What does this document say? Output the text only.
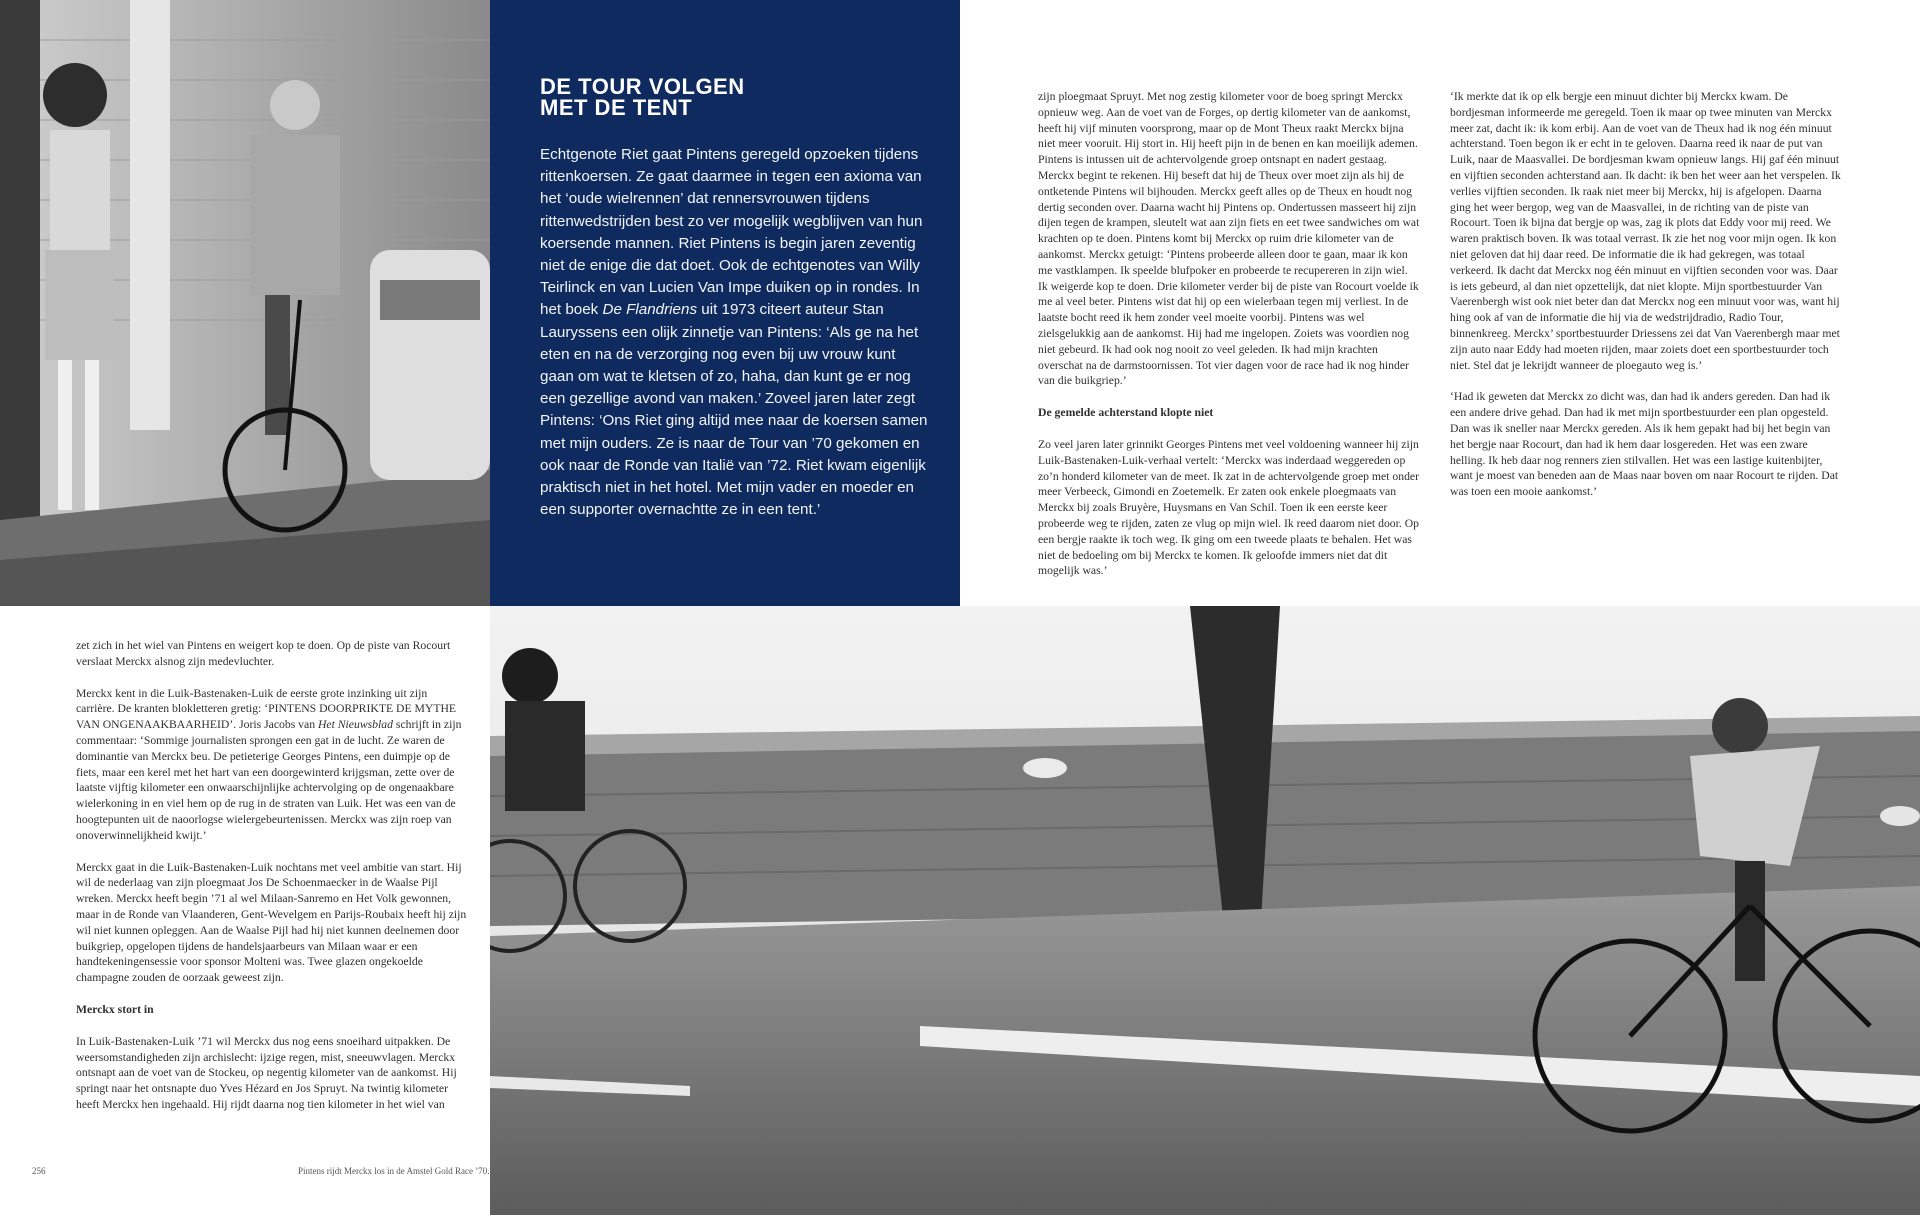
DE TOUR VOLGEN
MET DE TENT

Echtgenote Riet gaat Pintens geregeld opzoeken tijdens rittenkoersen. Ze gaat daarmee in tegen een axioma van het ‘oude wielrennen’ dat rennersvrouwen tijdens rittenwedstrijden best zo ver mogelijk wegblijven van hun koersende mannen. Riet Pintens is begin jaren zeventig niet de enige die dat doet. Ook de echtgenotes van Willy Teirlinck en van Lucien Van Impe duiken op in rondes. In het boek De Flandriens uit 1973 citeert auteur Stan Lauryssens een olijk zinnetje van Pintens: ‘Als ge na het eten en na de verzorging nog even bij uw vrouw kunt gaan om wat te kletsen of zo, haha, dan kunt ge er nog een gezellige avond van maken.’ Zoveel jaren later zegt Pintens: ‘Ons Riet ging altijd mee naar de koersen samen met mijn ouders. Ze is naar de Tour van ’70 gekomen en ook naar de Ronde van Italië van ’72. Riet kwam eigenlijk praktisch niet in het hotel. Met mijn vader en moeder en een supporter overnachtte ze in een tent.’

zijn ploegmaat Spruyt. Met nog zestig kilometer voor de boeg springt Merckx opnieuw weg. Aan de voet van de Forges, op dertig kilometer van de aankomst, heeft hij vijf minuten voorsprong, maar op de Mont Theux raakt Merckx bijna niet meer vooruit. Hij stort in. Hij heeft pijn in de benen en kan moeilijk ademen. Pintens is intussen uit de achtervolgende groep ontsnapt en nadert gestaag. Merckx begint te rekenen. Hij beseft dat hij de Theux over moet zijn als hij de ontketende Pintens wil bijhouden. Merckx geeft alles op de Theux en houdt nog dertig seconden over. Daarna wacht hij Pintens op. Ondertussen masseert hij zijn dijen tegen de krampen, sleutelt wat aan zijn fiets en eet twee sandwiches om wat krachten op te doen. Pintens komt bij Merckx op ruim drie kilometer van de aankomst. Merckx getuigt: ‘Pintens probeerde alleen door te gaan, maar ik kon me vastklampen. Ik speelde blufpoker en probeerde te recupereren in zijn wiel. Ik weigerde kop te doen. Drie kilometer verder bij de piste van Rocourt voelde ik me al veel beter. Pintens wist dat hij op een wielerbaan tegen mij verliest. In de laatste bocht reed ik hem zonder veel moeite voorbij. Pintens was wel zielsgelukkig aan de aankomst. Hij had me ingelopen. Zoiets was voordien nog niet gebeurd. Ik had ook nog nooit zo veel geleden. Ik had mijn krachten overschat na de darmstoornissen. Tot vier dagen voor de race had ik nog hinder van die buikgriep.’

De gemelde achterstand klopte niet

Zo veel jaren later grinnikt Georges Pintens met veel voldoening wanneer hij zijn Luik-Bastenaken-Luik-verhaal vertelt: ‘Merckx was inderdaad weggereden op zo’n honderd kilometer van de meet. Ik zat in de achtervolgende groep met onder meer Verbeeck, Gimondi en Zoetemelk. Er zaten ook enkele ploegmaats van Merckx bij zoals Bruyère, Huysmans en Van Schil. Toen ik een eerste keer probeerde weg te rijden, zaten ze vlug op mijn wiel. Ik reed daarom niet door. Op een bergje raakte ik toch weg. Ik ging om een tweede plaats te behalen. Het was niet de bedoeling om bij Merckx te komen. Ik geloofde immers niet dat dit mogelijk was.’

‘Ik merkte dat ik op elk bergje een minuut dichter bij Merckx kwam. De bordjesman informeerde me geregeld. Toen ik maar op twee minuten van Merckx meer zat, dacht ik: ik kom erbij. Aan de voet van de Theux had ik nog één minuut achterstand. Toen begon ik er echt in te geloven. Daarna reed ik naar de put van Luik, naar de Maasvallei. De bordjesman kwam opnieuw langs. Hij gaf één minuut en vijftien seconden achterstand aan. Ik dacht: ik ben het weer aan het verspelen. Ik verlies vijftien seconden. Ik raak niet meer bij Merckx, hij is afgelopen. Daarna ging het weer bergop, weg van de Maasvallei, in de richting van de piste van Rocourt. Toen ik bijna dat bergje op was, zag ik plots dat Eddy voor mij reed. We waren praktisch boven. Ik was totaal verrast. Ik zie het nog voor mijn ogen. Ik kon niet geloven dat hij daar reed. De informatie die ik had gekregen, was totaal verkeerd. Ik dacht dat Merckx nog één minuut en vijftien seconden voor was. Daar is iets gebeurd, al dan niet opzettelijk, dat niet klopte. Mijn sportbestuurder Van Vaerenbergh wist ook niet beter dan dat Merckx nog een minuut voor was, want hij hing ook af van de informatie die hij via de wedstrijdradio, Radio Tour, binnenkreeg. Merckx’ sportbestuurder Driessens zei dat Van Vaerenbergh maar met zijn auto naar Eddy had moeten rijden, maar zoiets doet een sportbestuurder toch niet. Stel dat je lekrijdt wanneer de ploegauto weg is.’

‘Had ik geweten dat Merckx zo dicht was, dan had ik anders gereden. Dan had ik een andere drive gehad. Dan had ik met mijn sportbestuurder een plan opgesteld. Dan was ik sneller naar Merckx gereden. Als ik hem gepakt had bij het begin van het bergje naar Rocourt, dan had ik hem daar losgereden. Het was een zware helling. Ik heb daar nog renners zien stilvallen. Het was een lastige kuitenbijter, want je moest van beneden aan de Maas naar boven om naar Rocourt te rijden. Dat was toen een mooie aankomst.’

zet zich in het wiel van Pintens en weigert kop te doen. Op de piste van Rocourt verslaat Merckx alsnog zijn medevluchter.

Merckx kent in die Luik-Bastenaken-Luik de eerste grote inzinking uit zijn carrière. De kranten blokletteren gretig: ‘PINTENS DOORPRIKTE DE MYTHE VAN ONGENAAKBAARHEID’. Joris Jacobs van Het Nieuwsblad schrijft in zijn commentaar: ‘Sommige journalisten sprongen een gat in de lucht. Ze waren de dominantie van Merckx beu. De petieterige Georges Pintens, een duimpje op de fiets, maar een kerel met het hart van een doorgewinterd krijgsman, zette over de laatste vijftig kilometer een onwaarschijnlijke achtervolging op de ongenaakbare wielerkoning in en viel hem op de rug in de straten van Luik. Het was een van de hoogtepunten uit de naoorlogse wielergebeurtenissen. Merckx was zijn roep van onoverwinnelijkheid kwijt.’

Merckx gaat in die Luik-Bastenaken-Luik nochtans met veel ambitie van start. Hij wil de nederlaag van zijn ploegmaat Jos De Schoenmaecker in de Waalse Pijl wreken. Merckx heeft begin ’71 al wel Milaan-Sanremo en Het Volk gewonnen, maar in de Ronde van Vlaanderen, Gent-Wevelgem en Parijs-Roubaix heeft hij zijn wil niet kunnen opleggen. Aan de Waalse Pijl had hij niet kunnen deelnemen door buikgriep, opgelopen tijdens de handelsjaarbeurs van Milaan waar er een handtekeningensessie voor sponsor Molteni was. Twee glazen ongekoelde champagne zouden de oorzaak geweest zijn.

Merckx stort in

In Luik-Bastenaken-Luik ’71 wil Merckx dus nog eens snoeihard uitpakken. De weersomstandigheden zijn archislecht: ijzige regen, mist, sneeuwvlagen. Merckx ontsnapt aan de voet van de Stockeu, op negentig kilometer van de aankomst. Hij springt naar het ontsnapte duo Yves Hézard en Jos Spruyt. Na twintig kilometer heeft Merckx hen ingehaald. Hij rijdt daarna nog tien kilometer in het wiel van

256	Pintens rijdt Merckx los in de Amstel Gold Race ’70.
